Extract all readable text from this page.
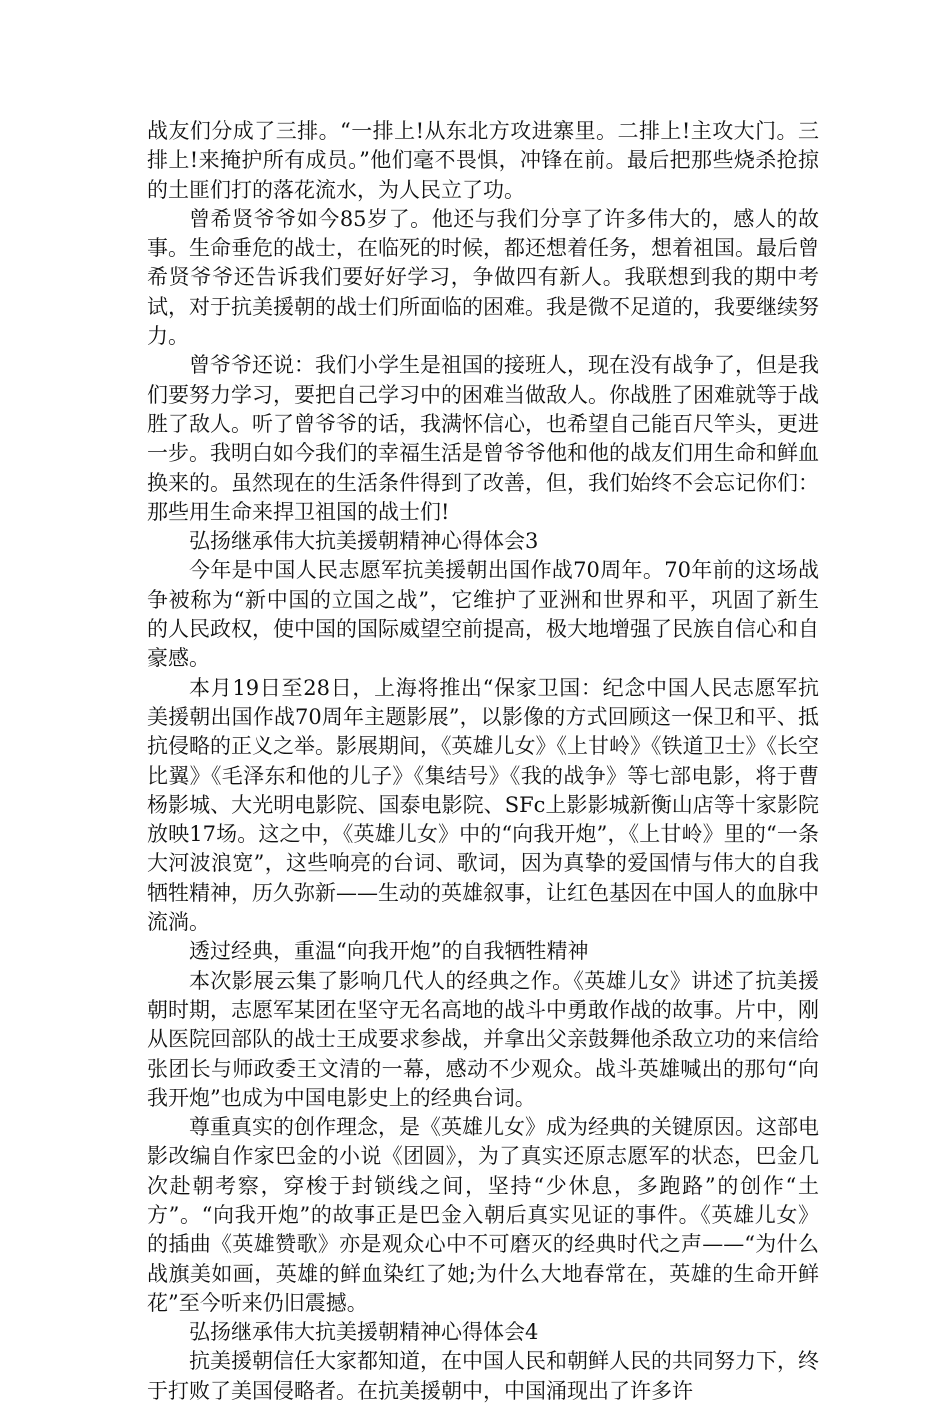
战友们分成了三排。“一排上!从东北方攻进寨里。二排上!主攻大门。三排上!来掩护所有成员。”他们毫不畏惧，冲锋在前。最后把那些烧杀抢掠的土匪们打的落花流水，为人民立了功。

曾希贤爷爷如今85岁了。他还与我们分享了许多伟大的，感人的故事。生命垂危的战士，在临死的时候，都还想着任务，想着祖国。最后曾希贤爷爷还告诉我们要好好学习，争做四有新人。我联想到我的期中考试，对于抗美援朝的战士们所面临的困难。我是微不足道的，我要继续努力。

曾爷爷还说：我们小学生是祖国的接班人，现在没有战争了，但是我们要努力学习，要把自己学习中的困难当做敌人。你战胜了困难就等于战胜了敌人。听了曾爷爷的话，我满怀信心，也希望自己能百尺竿头，更进一步。我明白如今我们的幸福生活是曾爷爷他和他的战友们用生命和鲜血换来的。虽然现在的生活条件得到了改善，但，我们始终不会忘记你们：那些用生命来捍卫祖国的战士们!

弘扬继承伟大抗美援朝精神心得体会3

今年是中国人民志愿军抗美援朝出国作战70周年。70年前的这场战争被称为“新中国的立国之战”，它维护了亚洲和世界和平，巩固了新生的人民政权，使中国的国际威望空前提高，极大地增强了民族自信心和自豪感。

本月19日至28日，上海将推出“保家卫国：纪念中国人民志愿军抗美援朝出国作战70周年主题影展”，以影像的方式回顾这一保卫和平、抵抗侵略的正义之举。影展期间，《英雄儿女》《上甘岭》《铁道卫士》《长空比翼》《毛泽东和他的儿子》《集结号》《我的战争》等七部电影，将于曹杨影城、大光明电影院、国泰电影院、SFc上影影城新衡山店等十家影院放映17场。这之中，《英雄儿女》中的“向我开炮”，《上甘岭》里的“一条大河波浪宽”，这些响亮的台词、歌词，因为真挚的爱国情与伟大的自我牺牲精神，历久弥新——生动的英雄叙事，让红色基因在中国人的血脉中流淌。

透过经典，重温“向我开炮”的自我牺牲精神

本次影展云集了影响几代人的经典之作。《英雄儿女》讲述了抗美援朝时期，志愿军某团在坚守无名高地的战斗中勇敢作战的故事。片中，刚从医院回部队的战士王成要求参战，并拿出父亲鼓舞他杀敌立功的来信给张团长与师政委王文清的一幕，感动不少观众。战斗英雄喊出的那句“向我开炮”也成为中国电影史上的经典台词。

尊重真实的创作理念，是《英雄儿女》成为经典的关键原因。这部电影改编自作家巴金的小说《团圆》，为了真实还原志愿军的状态，巴金几次赴朝考察，穿梭于封锁线之间，坚持“少休息，多跑路”的创作“土方”。“向我开炮”的故事正是巴金入朝后真实见证的事件。《英雄儿女》的插曲《英雄赞歌》亦是观众心中不可磨灭的经典时代之声——“为什么战旗美如画，英雄的鲜血染红了她;为什么大地春常在，英雄的生命开鲜花”至今听来仍旧震撼。

弘扬继承伟大抗美援朝精神心得体会4

抗美援朝信任大家都知道，在中国人民和朝鲜人民的共同努力下，终于打败了美国侵略者。在抗美援朝中，中国涌现出了许多许
